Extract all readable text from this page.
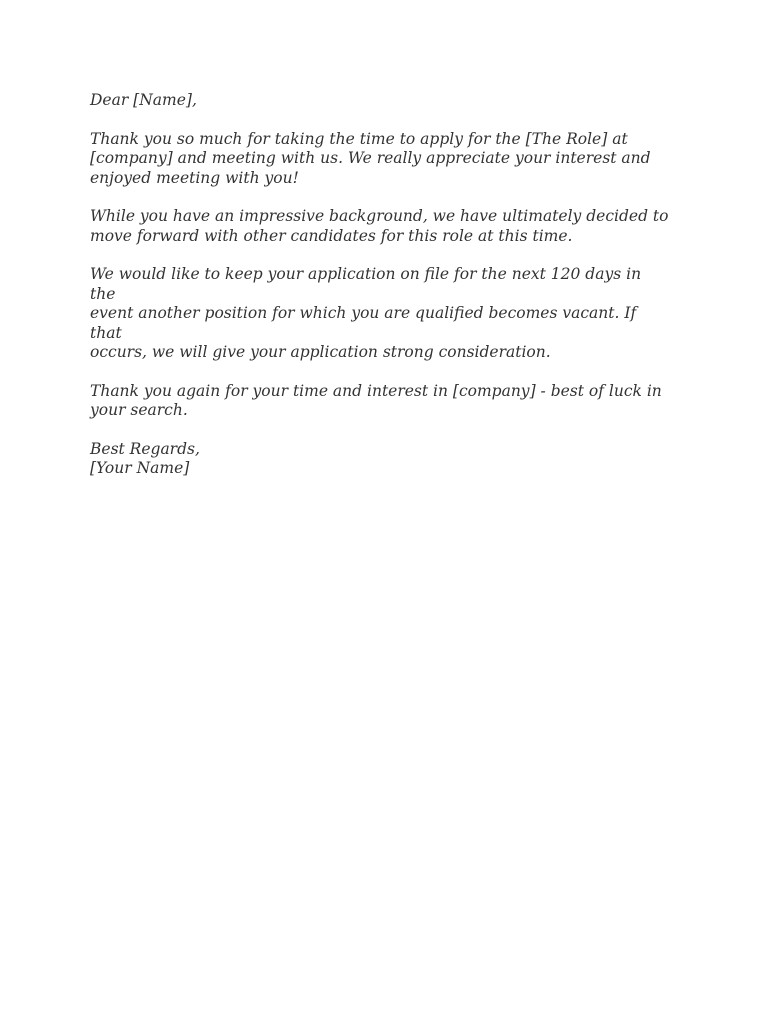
Dear [Name],

Thank you so much for taking the time to apply for the [The Role] at
[company] and meeting with us. We really appreciate your interest and
enjoyed meeting with you!

While you have an impressive background, we have ultimately decided to
move forward with other candidates for this role at this time.

We would like to keep your application on file for the next 120 days in the
event another position for which you are qualified becomes vacant. If that
occurs, we will give your application strong consideration.

Thank you again for your time and interest in [company] - best of luck in
your search.

Best Regards,
[Your Name]
